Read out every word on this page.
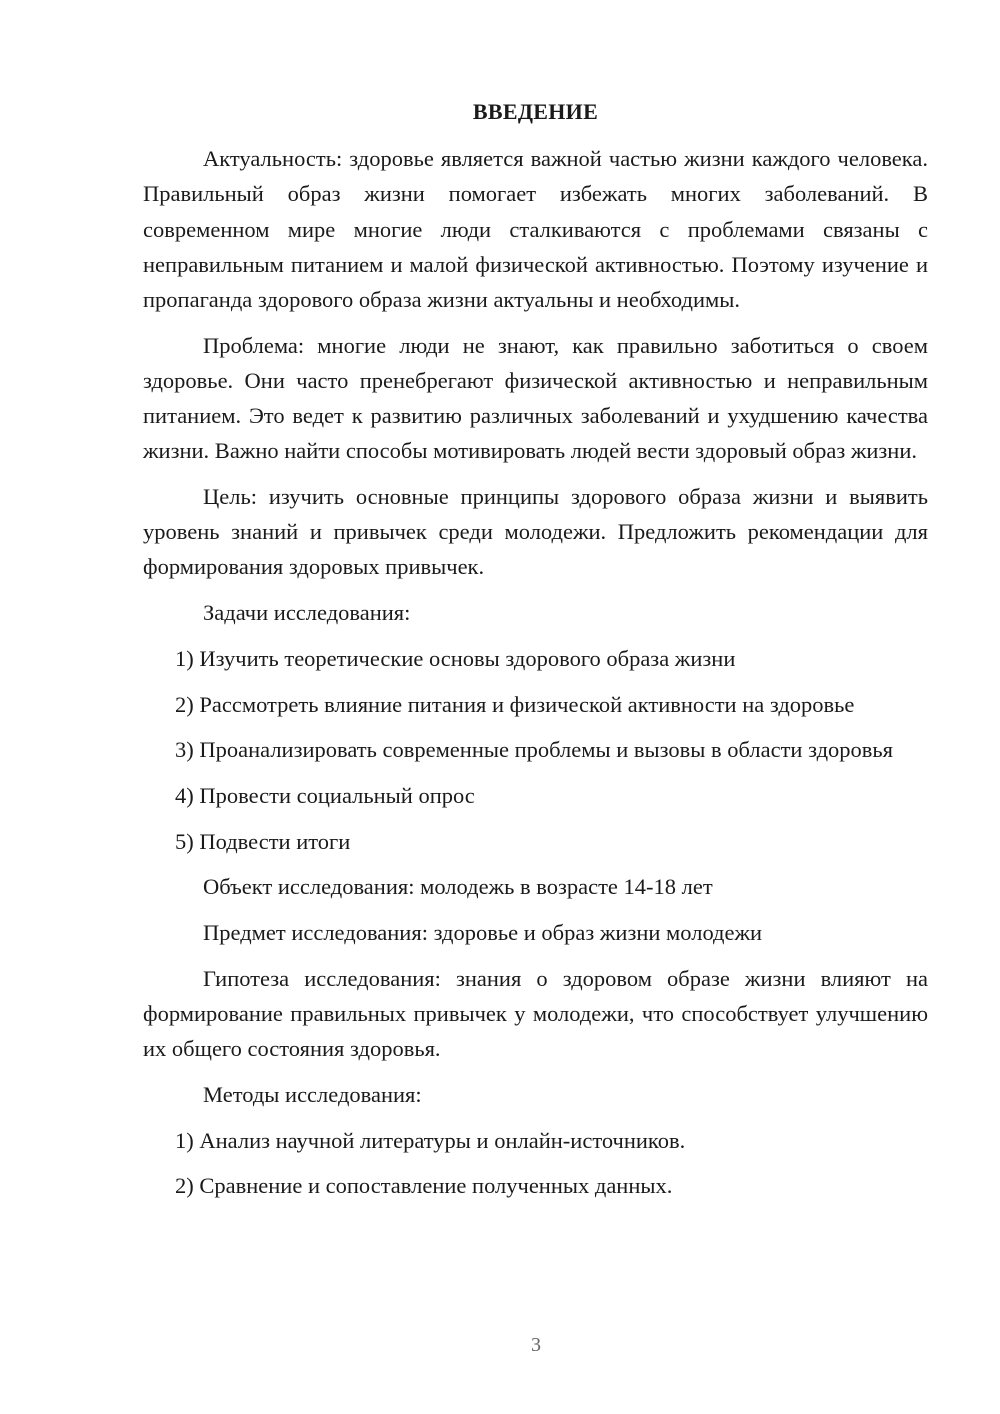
ВВЕДЕНИЕ

Актуальность: здоровье является важной частью жизни каждого человека. Правильный образ жизни помогает избежать многих заболеваний. В современном мире многие люди сталкиваются с проблемами связаны с неправильным питанием и малой физической активностью. Поэтому изучение и пропаганда здорового образа жизни актуальны и необходимы.

Проблема: многие люди не знают, как правильно заботиться о своем здоровье. Они часто пренебрегают физической активностью и неправильным питанием. Это ведет к развитию различных заболеваний и ухудшению качества жизни. Важно найти способы мотивировать людей вести здоровый образ жизни.

Цель: изучить основные принципы здорового образа жизни и выявить уровень знаний и привычек среди молодежи. Предложить рекомендации для формирования здоровых привычек.

Задачи исследования:

1) Изучить теоретические основы здорового образа жизни

2) Рассмотреть влияние питания и физической активности на здоровье

3) Проанализировать современные проблемы и вызовы в области здоровья

4) Провести социальный опрос

5) Подвести итоги

Объект исследования: молодежь в возрасте 14-18 лет

Предмет исследования: здоровье и образ жизни молодежи

Гипотеза исследования: знания о здоровом образе жизни влияют на формирование правильных привычек у молодежи, что способствует улучшению их общего состояния здоровья.

Методы исследования:

1) Анализ научной литературы и онлайн-источников.

2) Сравнение и сопоставление полученных данных.

3
